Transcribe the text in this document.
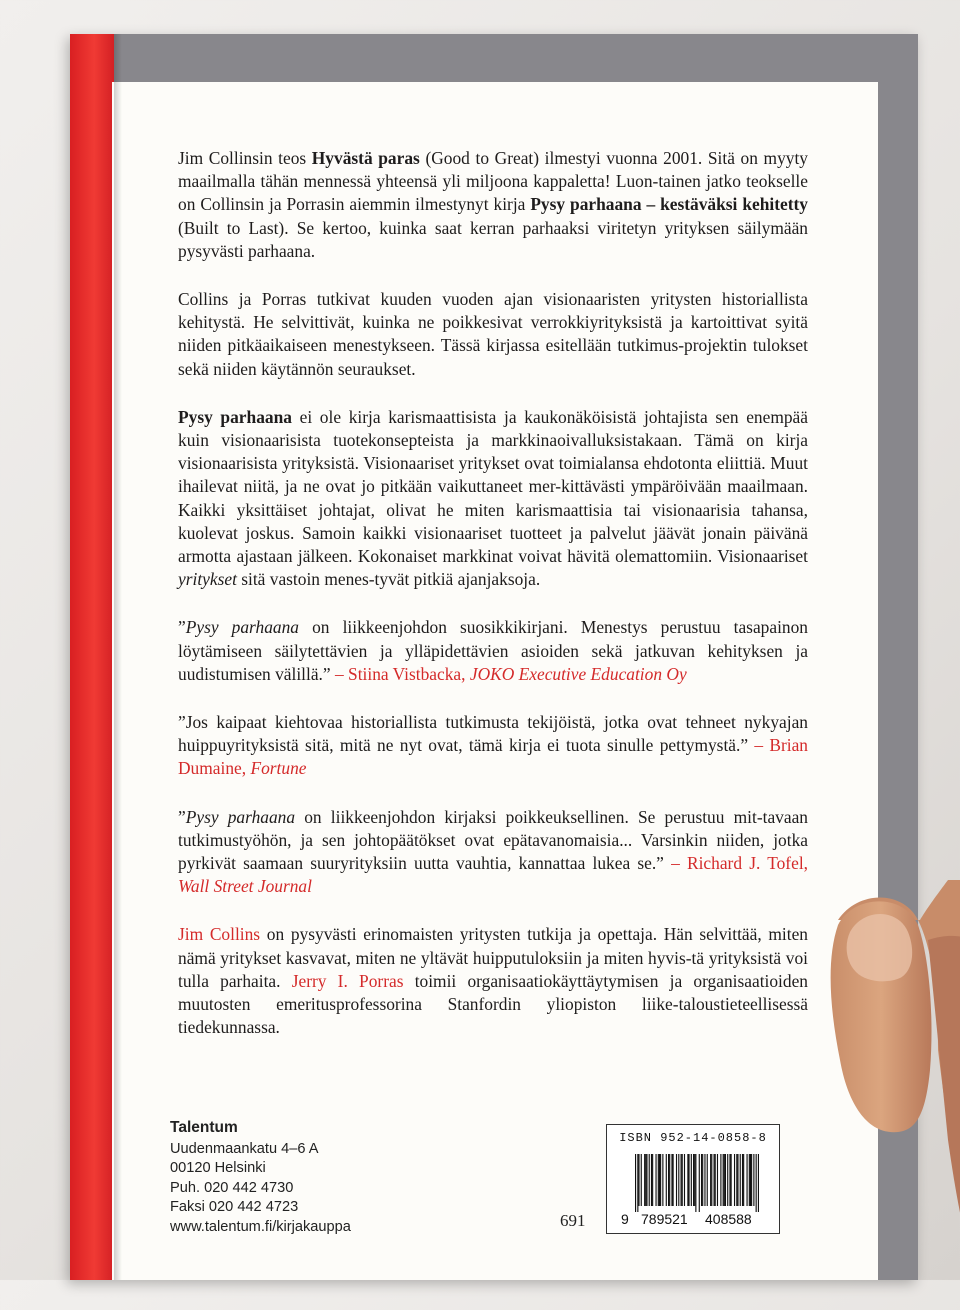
Jim Collinsin teos Hyvästä paras (Good to Great) ilmestyi vuonna 2001. Sitä on myyty maailmalla tähän mennessä yhteensä yli miljoona kappaletta! Luon-tainen jatko teokselle on Collinsin ja Porrasin aiemmin ilmestynyt kirja Pysy parhaana – kestäväksi kehitetty (Built to Last). Se kertoo, kuinka saat kerran parhaaksi viritetyn yrityksen säilymään pysyvästi parhaana.

Collins ja Porras tutkivat kuuden vuoden ajan visionaaristen yritysten historiallista kehitystä. He selvittivät, kuinka ne poikkesivat verrokkiyrityksistä ja kartoittivat syitä niiden pitkäaikaiseen menestykseen. Tässä kirjassa esitellään tutkimus-projektin tulokset sekä niiden käytännön seuraukset.

Pysy parhaana ei ole kirja karismaattisista ja kaukonäköisistä johtajista sen enempää kuin visionaarisista tuotekonsepteista ja markkinaoivalluksistakaan. Tämä on kirja visionaarisista yrityksistä. Visionaariset yritykset ovat toimialansa ehdotonta eliittiä. Muut ihailevat niitä, ja ne ovat jo pitkään vaikuttaneet mer-kittävästi ympäröivään maailmaan. Kaikki yksittäiset johtajat, olivat he miten karismaattisia tai visionaarisia tahansa, kuolevat joskus. Samoin kaikki visionaariset tuotteet ja palvelut jäävät jonain päivänä armotta ajastaan jälkeen. Kokonaiset markkinat voivat hävitä olemattomiin. Visionaariset yritykset sitä vastoin menes-tyvät pitkiä ajanjaksoja.

”Pysy parhaana on liikkeenjohdon suosikkikirjani. Menestys perustuu tasapainon löytämiseen säilytettävien ja ylläpidettävien asioiden sekä jatkuvan kehityksen ja uudistumisen välillä.” – Stiina Vistbacka, JOKO Executive Education Oy

”Jos kaipaat kiehtovaa historiallista tutkimusta tekijöistä, jotka ovat tehneet nykyajan huippuyrityksistä sitä, mitä ne nyt ovat, tämä kirja ei tuota sinulle pettymystä.” – Brian Dumaine, Fortune

”Pysy parhaana on liikkeenjohdon kirjaksi poikkeuksellinen. Se perustuu mit-tavaan tutkimustyöhön, ja sen johtopäätökset ovat epätavanomaisia... Varsinkin niiden, jotka pyrkivät saamaan suuryrityksiin uutta vauhtia, kannattaa lukea se.” – Richard J. Tofel, Wall Street Journal

Jim Collins on pysyvästi erinomaisten yritysten tutkija ja opettaja. Hän selvittää, miten nämä yritykset kasvavat, miten ne yltävät huipputuloksiin ja miten hyvis-tä yrityksistä voi tulla parhaita. Jerry I. Porras toimii organisaatiokäyttäytymisen ja organisaatioiden muutosten emeritusprofessorina Stanfordin yliopiston liike-taloustieteellisessä tiedekunnassa.

Talentum
Uudenmaankatu 4–6 A
00120 Helsinki
Puh. 020 442 4730
Faksi 020 442 4723
www.talentum.fi/kirjakauppa	691
ISBN 952-14-0858-8
9 789521 408588
